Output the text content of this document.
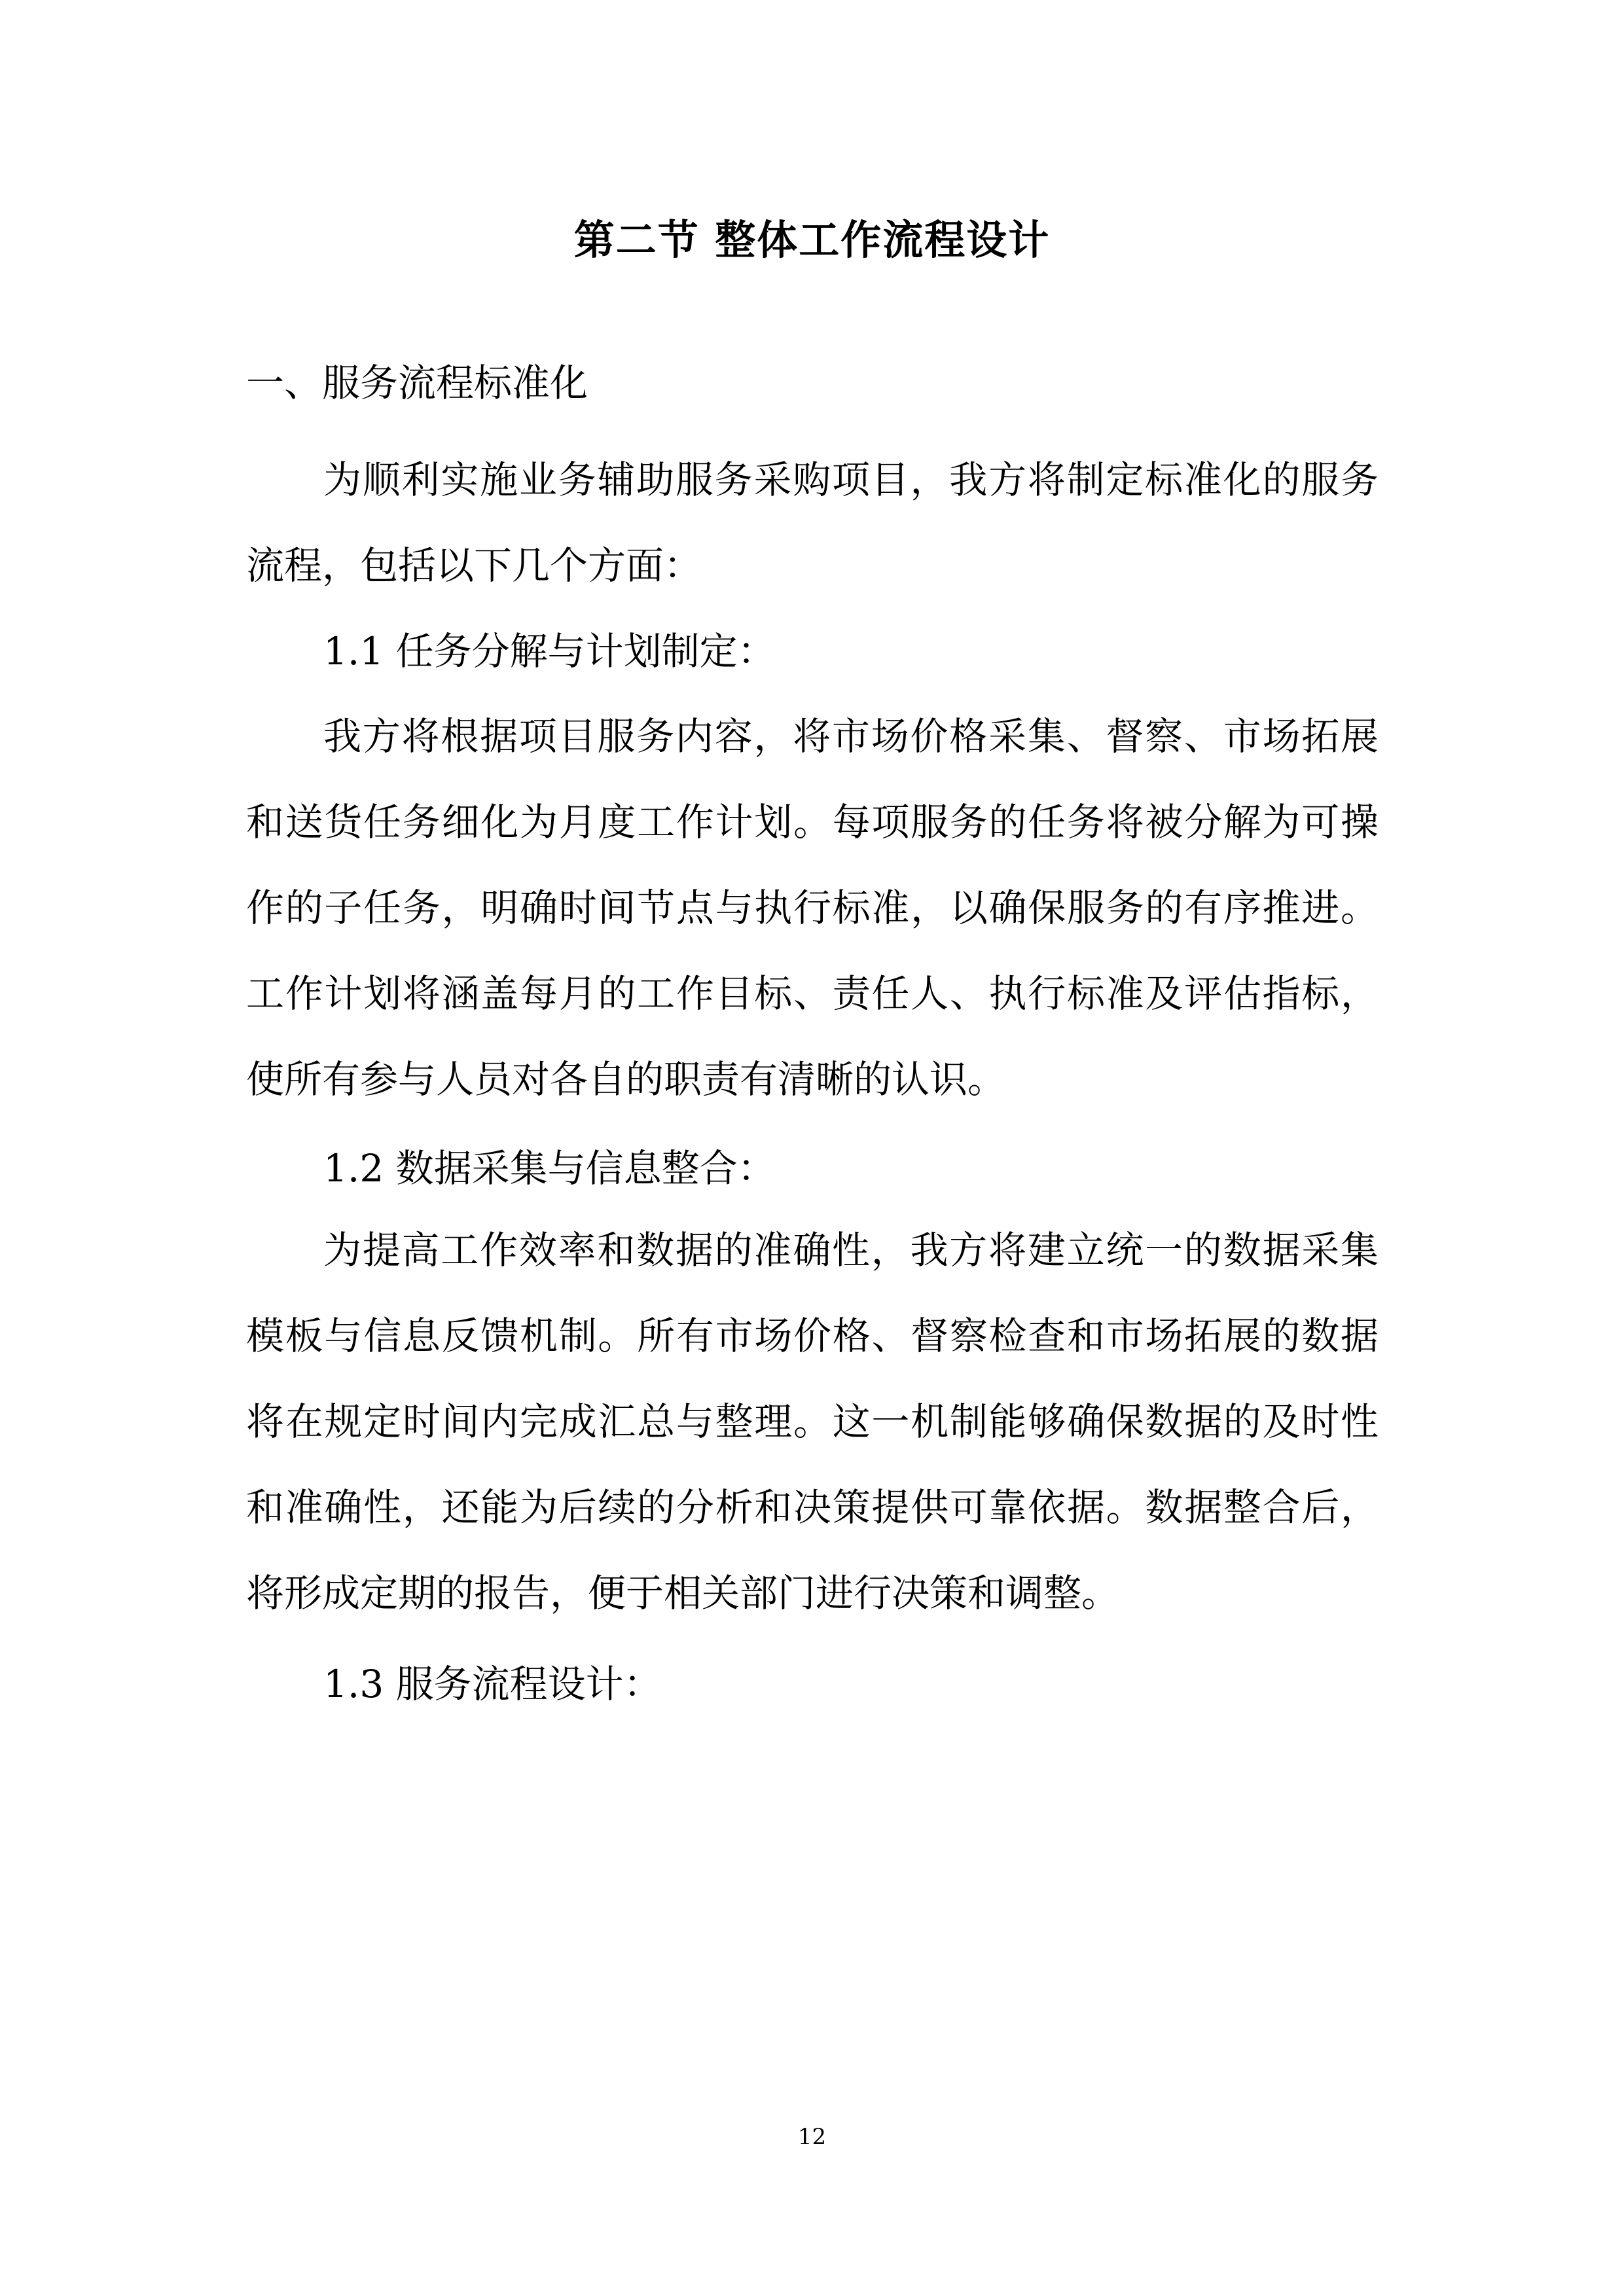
第二节 整体工作流程设计
一、服务流程标准化

为顺利实施业务辅助服务采购项目，我方将制定标准化的服务流程，包括以下几个方面：

1.1 任务分解与计划制定：

我方将根据项目服务内容，将市场价格采集、督察、市场拓展和送货任务细化为月度工作计划。每项服务的任务将被分解为可操作的子任务，明确时间节点与执行标准，以确保服务的有序推进。工作计划将涵盖每月的工作目标、责任人、执行标准及评估指标，使所有参与人员对各自的职责有清晰的认识。

1.2 数据采集与信息整合：

为提高工作效率和数据的准确性，我方将建立统一的数据采集模板与信息反馈机制。所有市场价格、督察检查和市场拓展的数据将在规定时间内完成汇总与整理。这一机制能够确保数据的及时性和准确性，还能为后续的分析和决策提供可靠依据。数据整合后，将形成定期的报告，便于相关部门进行决策和调整。

1.3 服务流程设计：
12
